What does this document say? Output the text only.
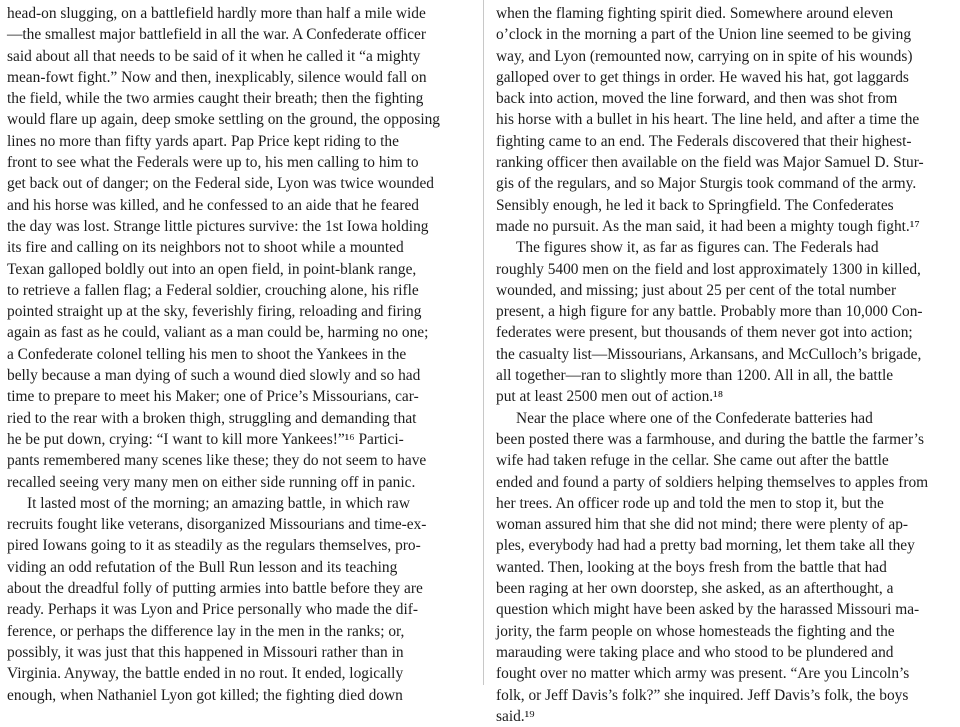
head-on slugging, on a battlefield hardly more than half a mile wide
—the smallest major battlefield in all the war. A Confederate officer
said about all that needs to be said of it when he called it “a mighty
mean-fowt fight.” Now and then, inexplicably, silence would fall on
the field, while the two armies caught their breath; then the fighting
would flare up again, deep smoke settling on the ground, the opposing
lines no more than fifty yards apart. Pap Price kept riding to the
front to see what the Federals were up to, his men calling to him to
get back out of danger; on the Federal side, Lyon was twice wounded
and his horse was killed, and he confessed to an aide that he feared
the day was lost. Strange little pictures survive: the 1st Iowa holding
its fire and calling on its neighbors not to shoot while a mounted
Texan galloped boldly out into an open field, in point-blank range,
to retrieve a fallen flag; a Federal soldier, crouching alone, his rifle
pointed straight up at the sky, feverishly firing, reloading and firing
again as fast as he could, valiant as a man could be, harming no one;
a Confederate colonel telling his men to shoot the Yankees in the
belly because a man dying of such a wound died slowly and so had
time to prepare to meet his Maker; one of Price’s Missourians, car-
ried to the rear with a broken thigh, struggling and demanding that
he be put down, crying: “I want to kill more Yankees!”¹⁶ Partici-
pants remembered many scenes like these; they do not seem to have
recalled seeing very many men on either side running off in panic.
It lasted most of the morning; an amazing battle, in which raw
recruits fought like veterans, disorganized Missourians and time-ex-
pired Iowans going to it as steadily as the regulars themselves, pro-
viding an odd refutation of the Bull Run lesson and its teaching
about the dreadful folly of putting armies into battle before they are
ready. Perhaps it was Lyon and Price personally who made the dif-
ference, or perhaps the difference lay in the men in the ranks; or,
possibly, it was just that this happened in Missouri rather than in
Virginia. Anyway, the battle ended in no rout. It ended, logically
enough, when Nathaniel Lyon got killed; the fighting died down
when the flaming fighting spirit died. Somewhere around eleven
o’clock in the morning a part of the Union line seemed to be giving
way, and Lyon (remounted now, carrying on in spite of his wounds)
galloped over to get things in order. He waved his hat, got laggards
back into action, moved the line forward, and then was shot from
his horse with a bullet in his heart. The line held, and after a time the
fighting came to an end. The Federals discovered that their highest-
ranking officer then available on the field was Major Samuel D. Stur-
gis of the regulars, and so Major Sturgis took command of the army.
Sensibly enough, he led it back to Springfield. The Confederates
made no pursuit. As the man said, it had been a mighty tough fight.¹⁷
The figures show it, as far as figures can. The Federals had
roughly 5400 men on the field and lost approximately 1300 in killed,
wounded, and missing; just about 25 per cent of the total number
present, a high figure for any battle. Probably more than 10,000 Con-
federates were present, but thousands of them never got into action;
the casualty list—Missourians, Arkansans, and McCulloch’s brigade,
all together—ran to slightly more than 1200. All in all, the battle
put at least 2500 men out of action.¹⁸
Near the place where one of the Confederate batteries had
been posted there was a farmhouse, and during the battle the farmer’s
wife had taken refuge in the cellar. She came out after the battle
ended and found a party of soldiers helping themselves to apples from
her trees. An officer rode up and told the men to stop it, but the
woman assured him that she did not mind; there were plenty of ap-
ples, everybody had had a pretty bad morning, let them take all they
wanted. Then, looking at the boys fresh from the battle that had
been raging at her own doorstep, she asked, as an afterthought, a
question which might have been asked by the harassed Missouri ma-
jority, the farm people on whose homesteads the fighting and the
marauding were taking place and who stood to be plundered and
fought over no matter which army was present. “Are you Lincoln’s
folk, or Jeff Davis’s folk?” she inquired. Jeff Davis’s folk, the boys
said.¹⁹
